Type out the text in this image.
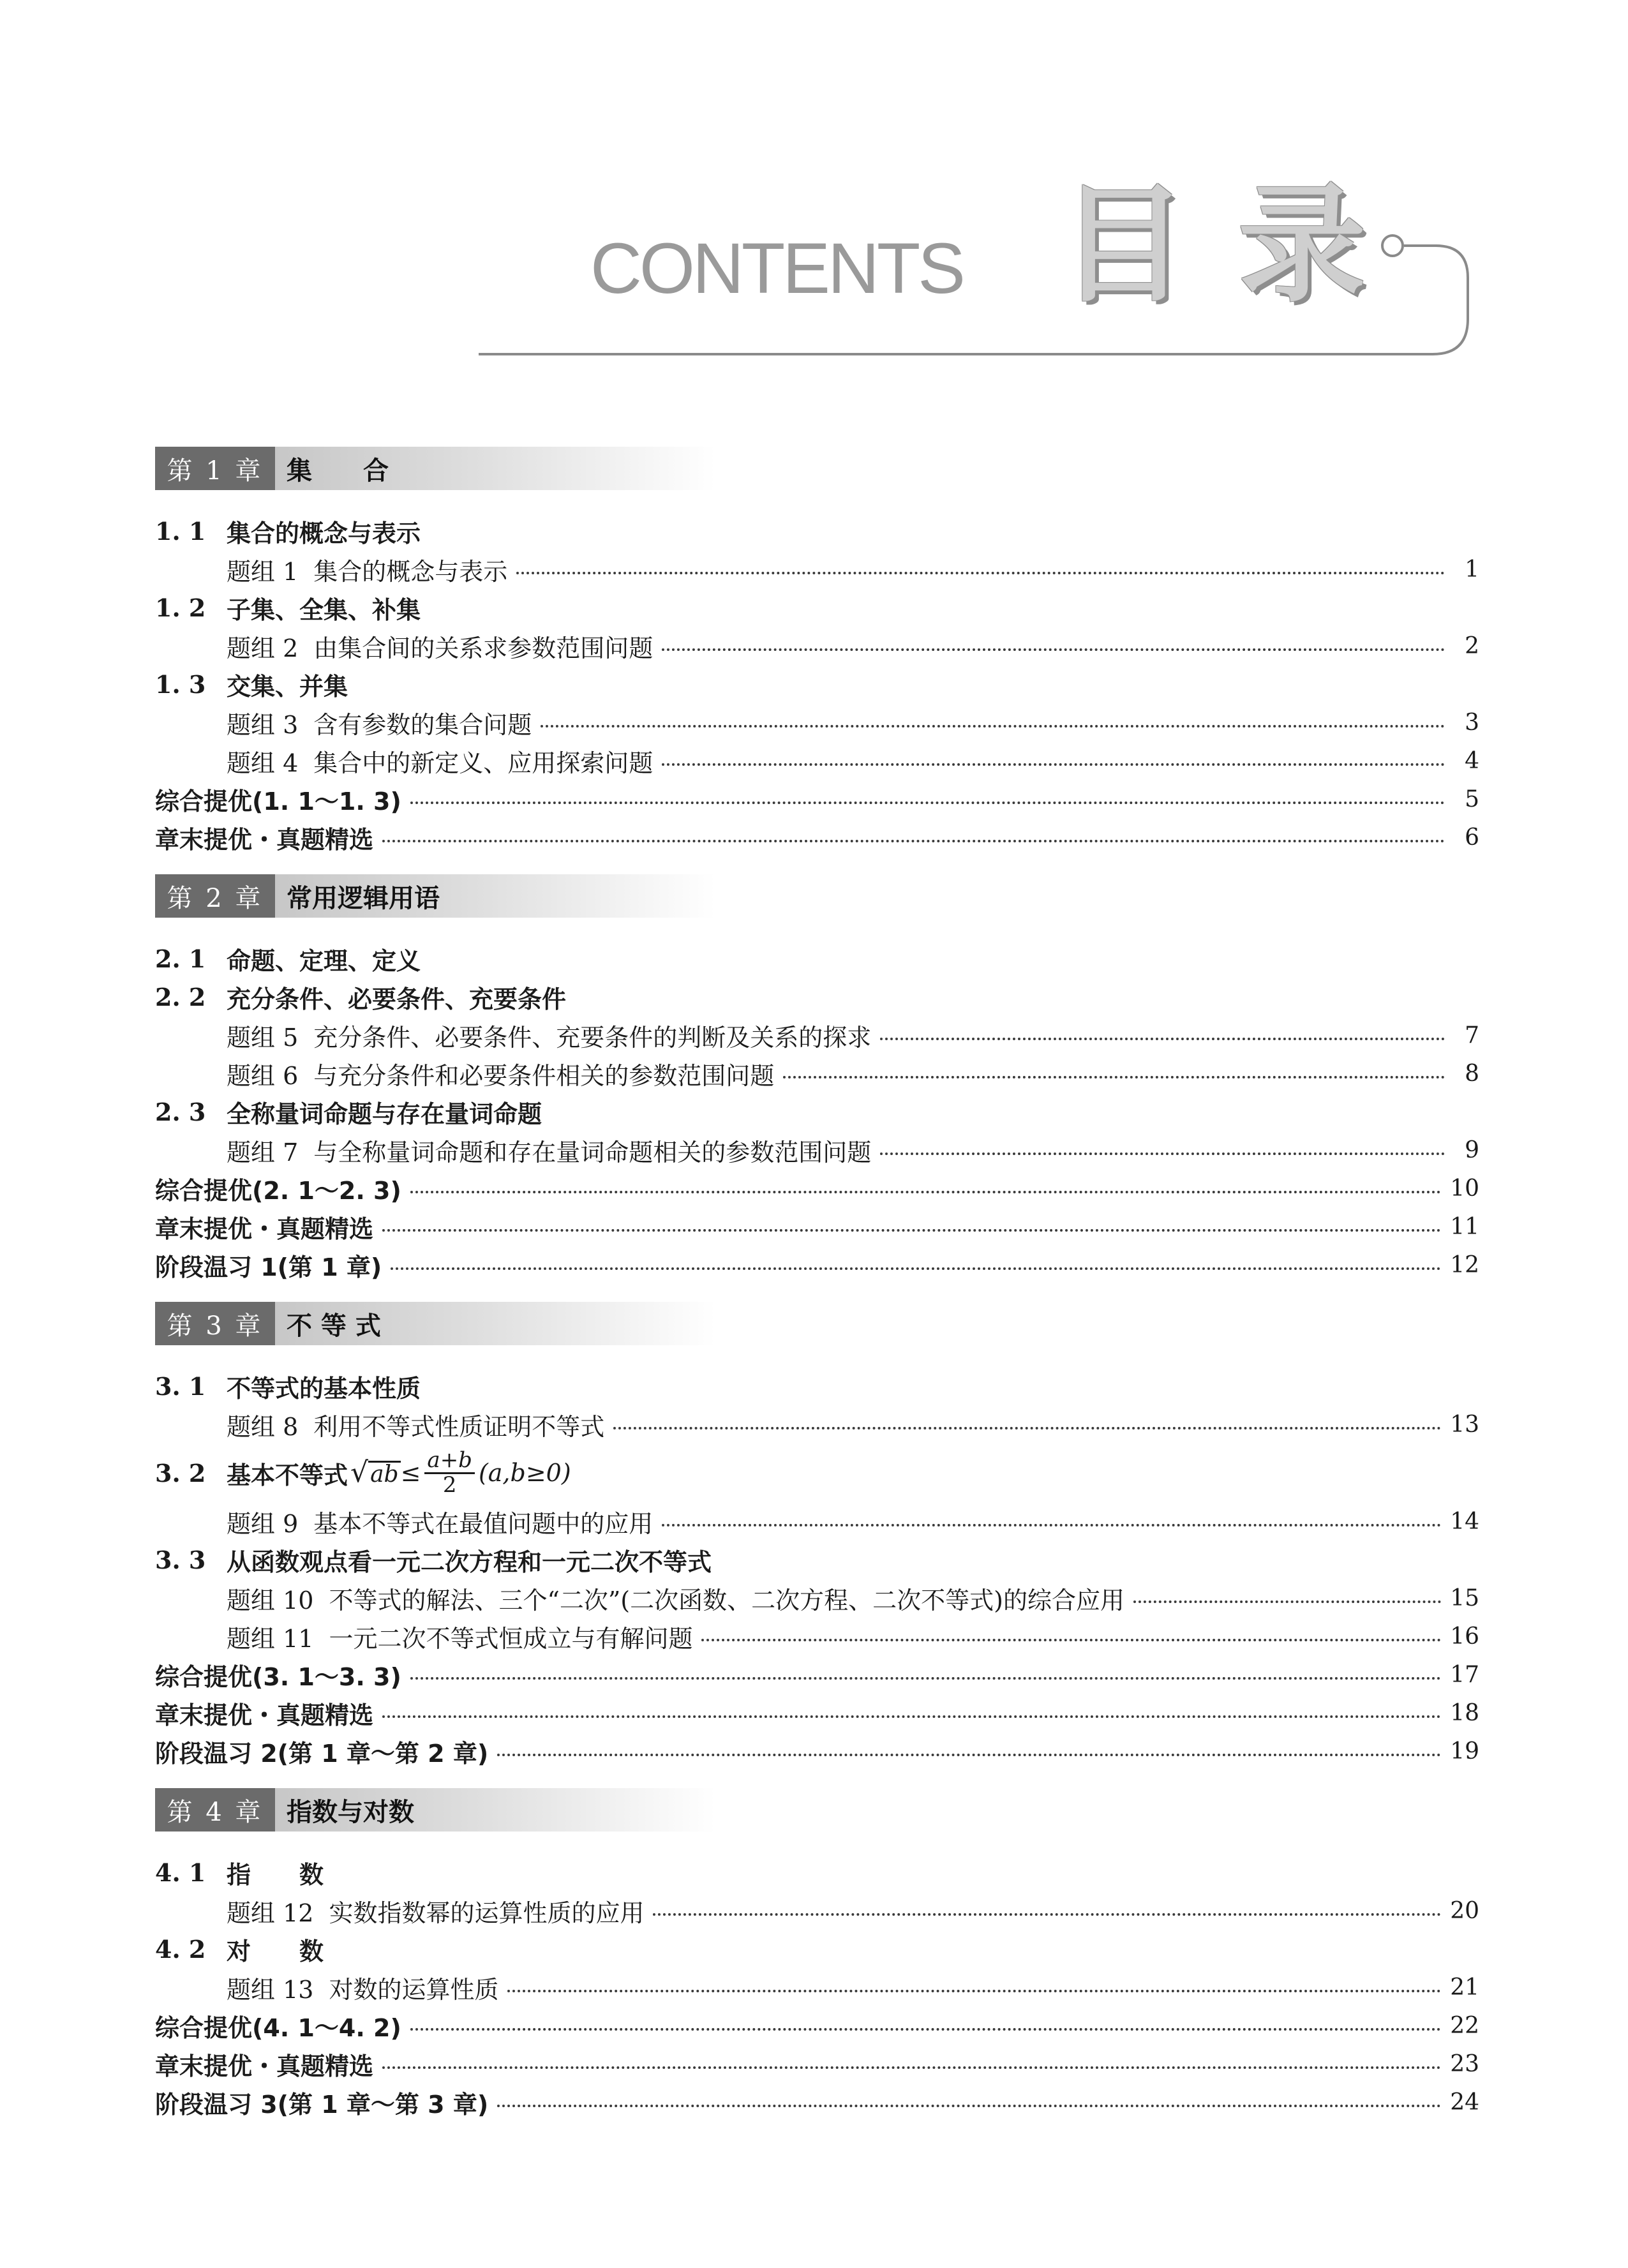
CONTENTS 目 录
第 1 章 集　　合
1. 1 集合的概念与表示
题组 1 集合的概念与表示	1
1. 2 子集、全集、补集
题组 2 由集合间的关系求参数范围问题	2
1. 3 交集、并集
题组 3 含有参数的集合问题	3
题组 4 集合中的新定义、应用探索问题	4
综合提优(1. 1～1. 3)	5
章末提优・真题精选	6
第 2 章 常用逻辑用语
2. 1 命题、定理、定义
2. 2 充分条件、必要条件、充要条件
题组 5 充分条件、必要条件、充要条件的判断及关系的探求	7
题组 6 与充分条件和必要条件相关的参数范围问题	8
2. 3 全称量词命题与存在量词命题
题组 7 与全称量词命题和存在量词命题相关的参数范围问题	9
综合提优(2. 1～2. 3)	10
章末提优・真题精选	11
阶段温习 1(第 1 章)	12
第 3 章 不 等 式
3. 1 不等式的基本性质
题组 8 利用不等式性质证明不等式	13
3. 2 基本不等式 √ ab ≤ $\frac{a+b}{2} (a,b\ge 0)$
题组 9 基本不等式在最值问题中的应用	14
3. 3 从函数观点看一元二次方程和一元二次不等式
题组 10 不等式的解法、三个“二次”(二次函数、二次方程、二次不等式)的综合应用	15
题组 11 一元二次不等式恒成立与有解问题	16
综合提优(3. 1～3. 3)	17
章末提优・真题精选	18
阶段温习 2(第 1 章～第 2 章)	19
第 4 章 指数与对数
4. 1 指　　数
题组 12 实数指数幂的运算性质的应用	20
4. 2 对　　数
题组 13 对数的运算性质	21
综合提优(4. 1～4. 2)	22
章末提优・真题精选	23
阶段温习 3(第 1 章～第 3 章)	24
